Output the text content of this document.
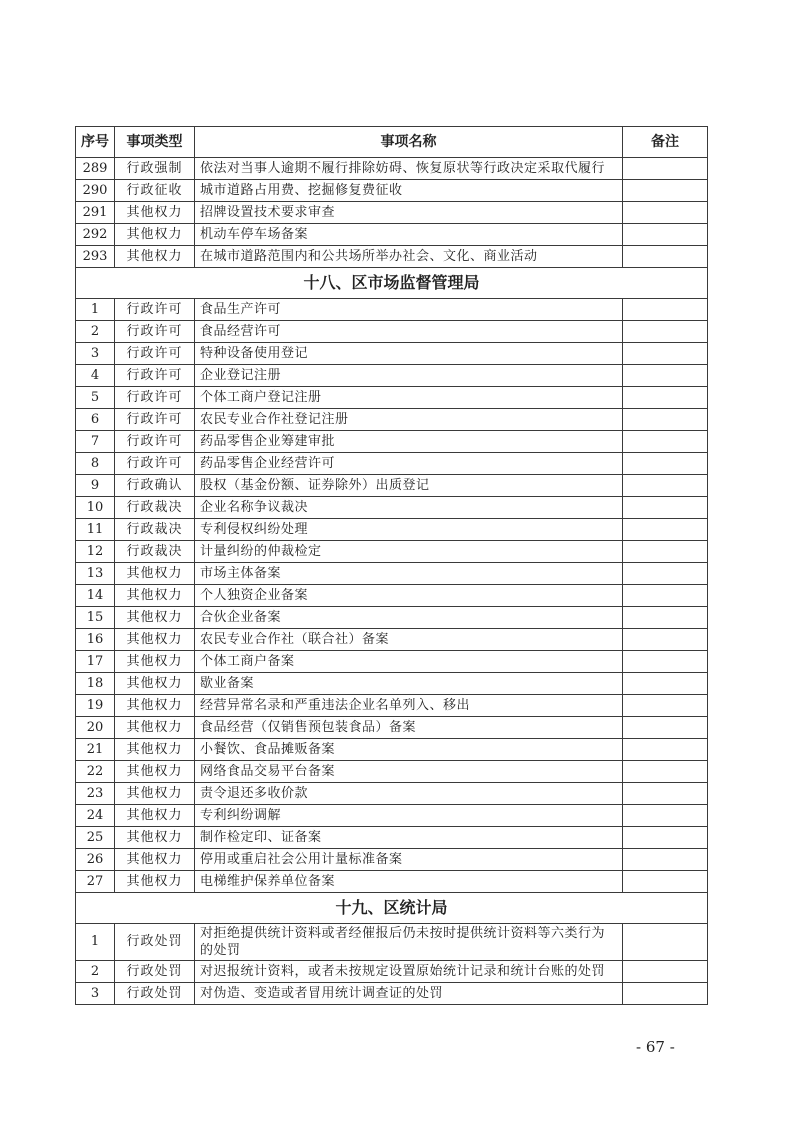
序号	事项类型	事项名称	备注
289	行政强制	依法对当事人逾期不履行排除妨碍、恢复原状等行政决定采取代履行	
290	行政征收	城市道路占用费、挖掘修复费征收	
291	其他权力	招牌设置技术要求审查	
292	其他权力	机动车停车场备案	
293	其他权力	在城市道路范围内和公共场所举办社会、文化、商业活动	
十八、区市场监督管理局			
1	行政许可	食品生产许可	
2	行政许可	食品经营许可	
3	行政许可	特种设备使用登记	
4	行政许可	企业登记注册	
5	行政许可	个体工商户登记注册	
6	行政许可	农民专业合作社登记注册	
7	行政许可	药品零售企业筹建审批	
8	行政许可	药品零售企业经营许可	
9	行政确认	股权（基金份额、证券除外）出质登记	
10	行政裁决	企业名称争议裁决	
11	行政裁决	专利侵权纠纷处理	
12	行政裁决	计量纠纷的仲裁检定	
13	其他权力	市场主体备案	
14	其他权力	个人独资企业备案	
15	其他权力	合伙企业备案	
16	其他权力	农民专业合作社（联合社）备案	
17	其他权力	个体工商户备案	
18	其他权力	歇业备案	
19	其他权力	经营异常名录和严重违法企业名单列入、移出	
20	其他权力	食品经营（仅销售预包装食品）备案	
21	其他权力	小餐饮、食品摊贩备案	
22	其他权力	网络食品交易平台备案	
23	其他权力	责令退还多收价款	
24	其他权力	专利纠纷调解	
25	其他权力	制作检定印、证备案	
26	其他权力	停用或重启社会公用计量标准备案	
27	其他权力	电梯维护保养单位备案	
十九、区统计局			
1	行政处罚	对拒绝提供统计资料或者经催报后仍未按时提供统计资料等六类行为的处罚	
2	行政处罚	对迟报统计资料，或者未按规定设置原始统计记录和统计台账的处罚	
3	行政处罚	对伪造、变造或者冒用统计调查证的处罚	
- 67 -
